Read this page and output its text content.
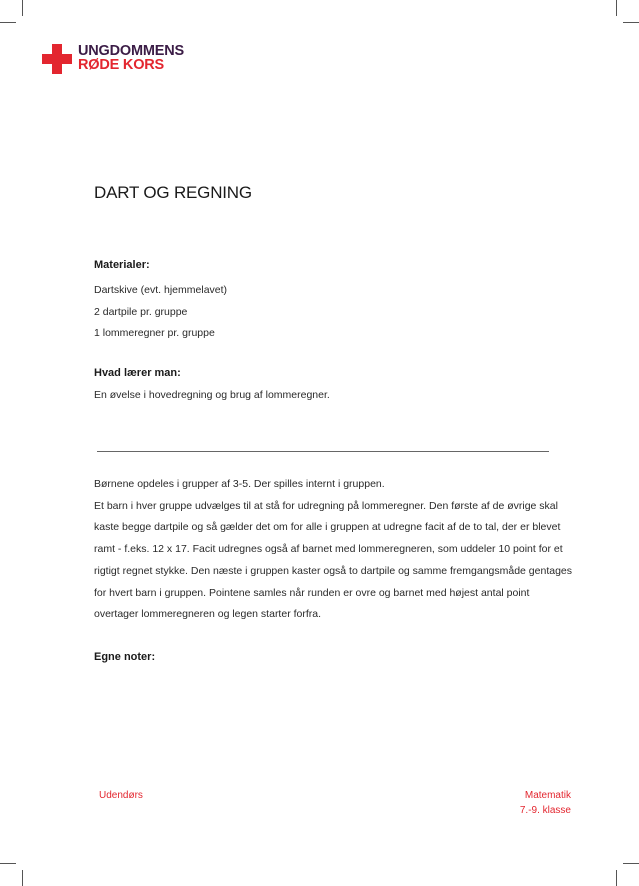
UNGDOMMENS
RØDE KORS
DART OG REGNING
Materialer:
Dartskive (evt. hjemmelavet)
2 dartpile pr. gruppe
1 lommeregner pr. gruppe
Hvad lærer man:
En øvelse i hovedregning og brug af lommeregner.

Børnene opdeles i grupper af 3-5. Der spilles internt i gruppen.

Et barn i hver gruppe udvælges til at stå for udregning på lommeregner. Den første af de øvrige skal kaste begge dartpile og så gælder det om for alle i gruppen at udregne facit af de to tal, der er blevet ramt - f.eks. 12 x 17. Facit udregnes også af barnet med lommeregneren, som uddeler 10 point for et rigtigt regnet stykke. Den næste i gruppen kaster også to dartpile og samme fremgangsmåde gentages for hvert barn i gruppen. Pointene samles når runden er ovre og barnet med højest antal point overtager lommeregneren og legen starter forfra.

Egne noter:
Udendørs	Matematik
7.-9. klasse
